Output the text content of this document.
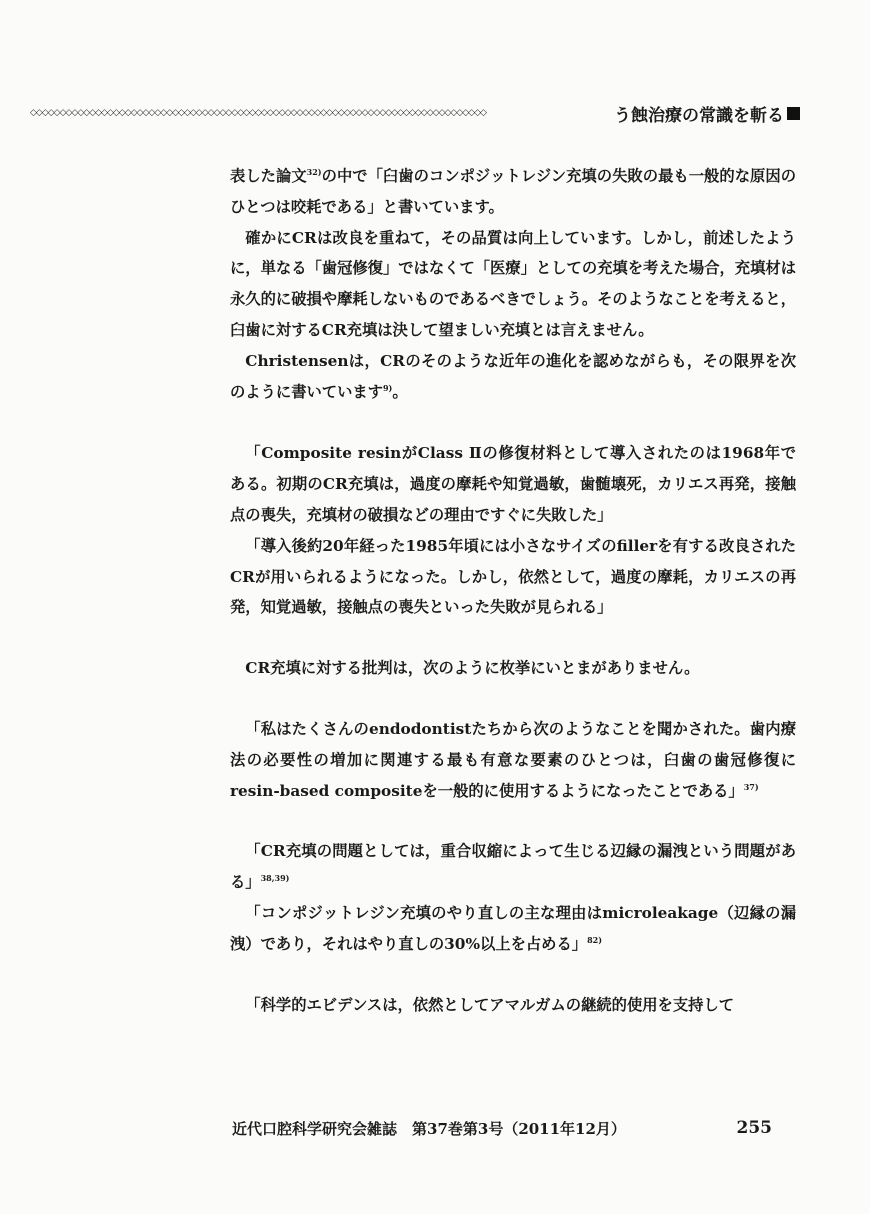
◇◇◇◇◇◇◇◇◇◇◇◇◇◇◇◇◇◇◇◇◇◇◇◇◇◇◇◇◇◇◇◇◇◇◇◇◇◇◇◇◇◇◇◇◇◇◇◇◇◇◇◇◇◇◇◇◇◇◇◇◇◇◇◇◇◇◇◇◇◇◇◇◇◇◇◇◇	う蝕治療の常識を斬る

表した論文$^{32)}$の中で「臼歯のコンポジットレジン充填の失敗の最も一般的な原因のひとつは咬耗である」と書いています。

確かにCRは改良を重ねて，その品質は向上しています。しかし，前述したように，単なる「歯冠修復」ではなくて「医療」としての充填を考えた場合，充填材は永久的に破損や摩耗しないものであるべきでしょう。そのようなことを考えると，臼歯に対するCR充填は決して望ましい充填とは言えません。

Christensenは，CRのそのような近年の進化を認めながらも，その限界を次のように書いています$^{9)}$。

「Composite resinがClass Ⅱの修復材料として導入されたのは1968年である。初期のCR充填は，過度の摩耗や知覚過敏，歯髄壊死，カリエス再発，接触点の喪失，充填材の破損などの理由ですぐに失敗した」

「導入後約20年経った1985年頃には小さなサイズのfillerを有する改良されたCRが用いられるようになった。しかし，依然として，過度の摩耗，カリエスの再発，知覚過敏，接触点の喪失といった失敗が見られる」

CR充填に対する批判は，次のように枚挙にいとまがありません。

「私はたくさんのendodontistたちから次のようなことを聞かされた。歯内療法の必要性の増加に関連する最も有意な要素のひとつは，臼歯の歯冠修復にresin-based compositeを一般的に使用するようになったことである」$^{37)}$

「CR充填の問題としては，重合収縮によって生じる辺縁の漏洩という問題がある」$^{38,39)}$

「コンポジットレジン充填のやり直しの主な理由はmicroleakage（辺縁の漏洩）であり，それはやり直しの30%以上を占める」$^{82)}$

「科学的エビデンスは，依然としてアマルガムの継続的使用を支持して

近代口腔科学研究会雑誌　第37巻第3号（2011年12月）	255
